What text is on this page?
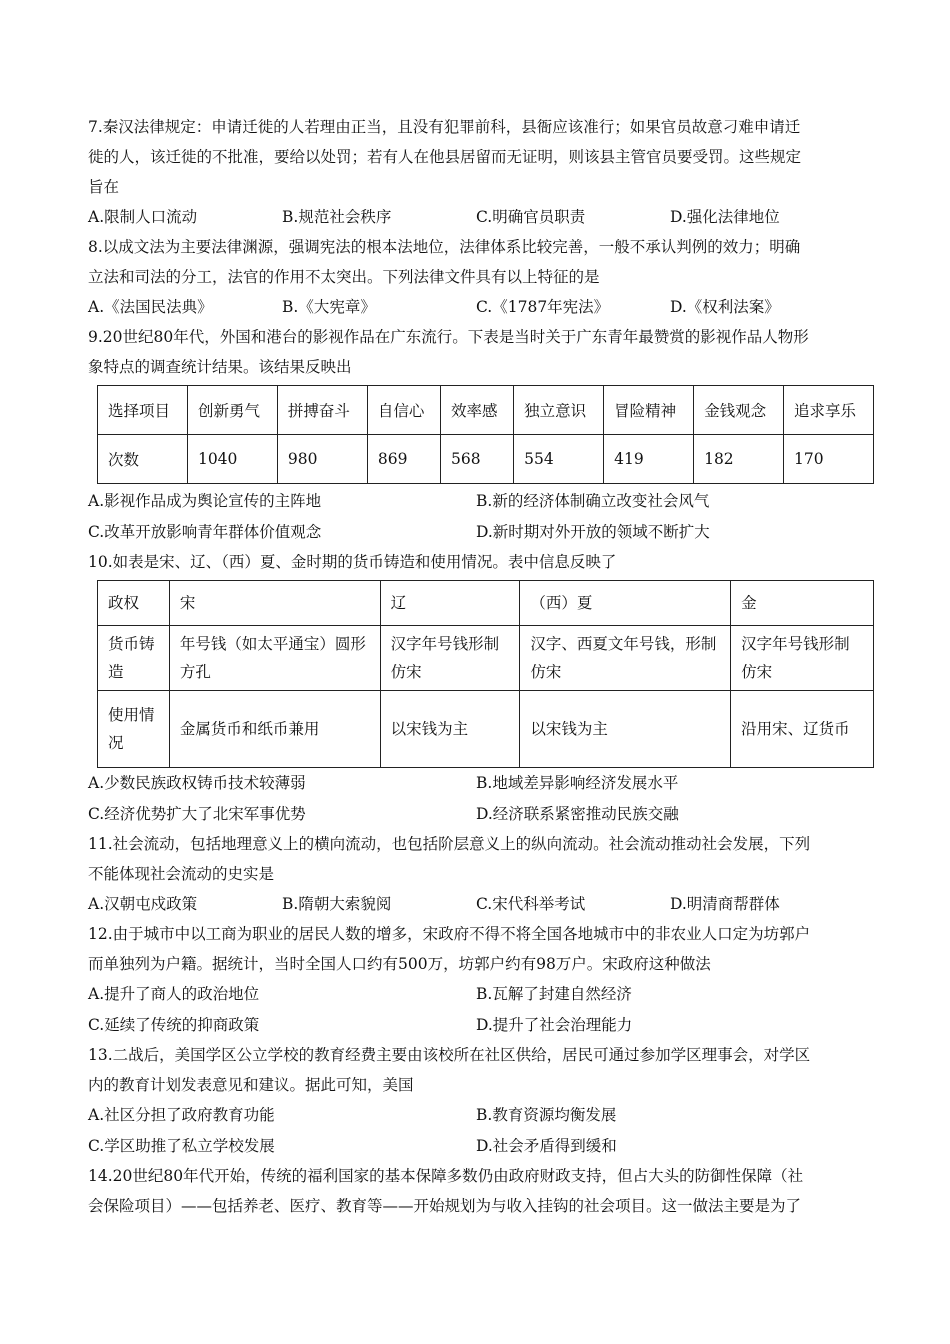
7.秦汉法律规定：申请迁徙的人若理由正当，且没有犯罪前科，县衙应该准行；如果官员故意刁难申请迁
徙的人，该迁徙的不批准，要给以处罚；若有人在他县居留而无证明，则该县主管官员要受罚。这些规定
旨在
A.限制人口流动	B.规范社会秩序	C.明确官员职责	D.强化法律地位
8.以成文法为主要法律渊源，强调宪法的根本法地位，法律体系比较完善，一般不承认判例的效力；明确
立法和司法的分工，法官的作用不太突出。下列法律文件具有以上特征的是
A.《法国民法典》	B.《大宪章》	C.《1787年宪法》	D.《权利法案》
9.20世纪80年代，外国和港台的影视作品在广东流行。下表是当时关于广东青年最赞赏的影视作品人物形
象特点的调查统计结果。该结果反映出
选择项目	创新勇气	拼搏奋斗	自信心	效率感	独立意识	冒险精神	金钱观念	追求享乐
次数	1040	980	869	568	554	419	182	170
A.影视作品成为舆论宣传的主阵地	B.新的经济体制确立改变社会风气
C.改革开放影响青年群体价值观念	D.新时期对外开放的领域不断扩大
10.如表是宋、辽、（西）夏、金时期的货币铸造和使用情况。表中信息反映了
政权	宋	辽	（西）夏	金
货币铸造	年号钱（如太平通宝）圆形方孔	汉字年号钱形制仿宋	汉字、西夏文年号钱，形制仿宋	汉字年号钱形制仿宋
使用情况	金属货币和纸币兼用	以宋钱为主	以宋钱为主	沿用宋、辽货币
A.少数民族政权铸币技术较薄弱	B.地域差异影响经济发展水平
C.经济优势扩大了北宋军事优势	D.经济联系紧密推动民族交融
11.社会流动，包括地理意义上的横向流动，也包括阶层意义上的纵向流动。社会流动推动社会发展，下列
不能体现社会流动的史实是
A.汉朝屯戍政策	B.隋朝大索貌阅	C.宋代科举考试	D.明清商帮群体
12.由于城市中以工商为职业的居民人数的增多，宋政府不得不将全国各地城市中的非农业人口定为坊郭户
而单独列为户籍。据统计，当时全国人口约有500万，坊郭户约有98万户。宋政府这种做法
A.提升了商人的政治地位	B.瓦解了封建自然经济
C.延续了传统的抑商政策	D.提升了社会治理能力
13.二战后，美国学区公立学校的教育经费主要由该校所在社区供给，居民可通过参加学区理事会，对学区
内的教育计划发表意见和建议。据此可知，美国
A.社区分担了政府教育功能	B.教育资源均衡发展
C.学区助推了私立学校发展	D.社会矛盾得到缓和
14.20世纪80年代开始，传统的福利国家的基本保障多数仍由政府财政支持，但占大头的防御性保障（社
会保险项目）——包括养老、医疗、教育等——开始规划为与收入挂钩的社会项目。这一做法主要是为了
